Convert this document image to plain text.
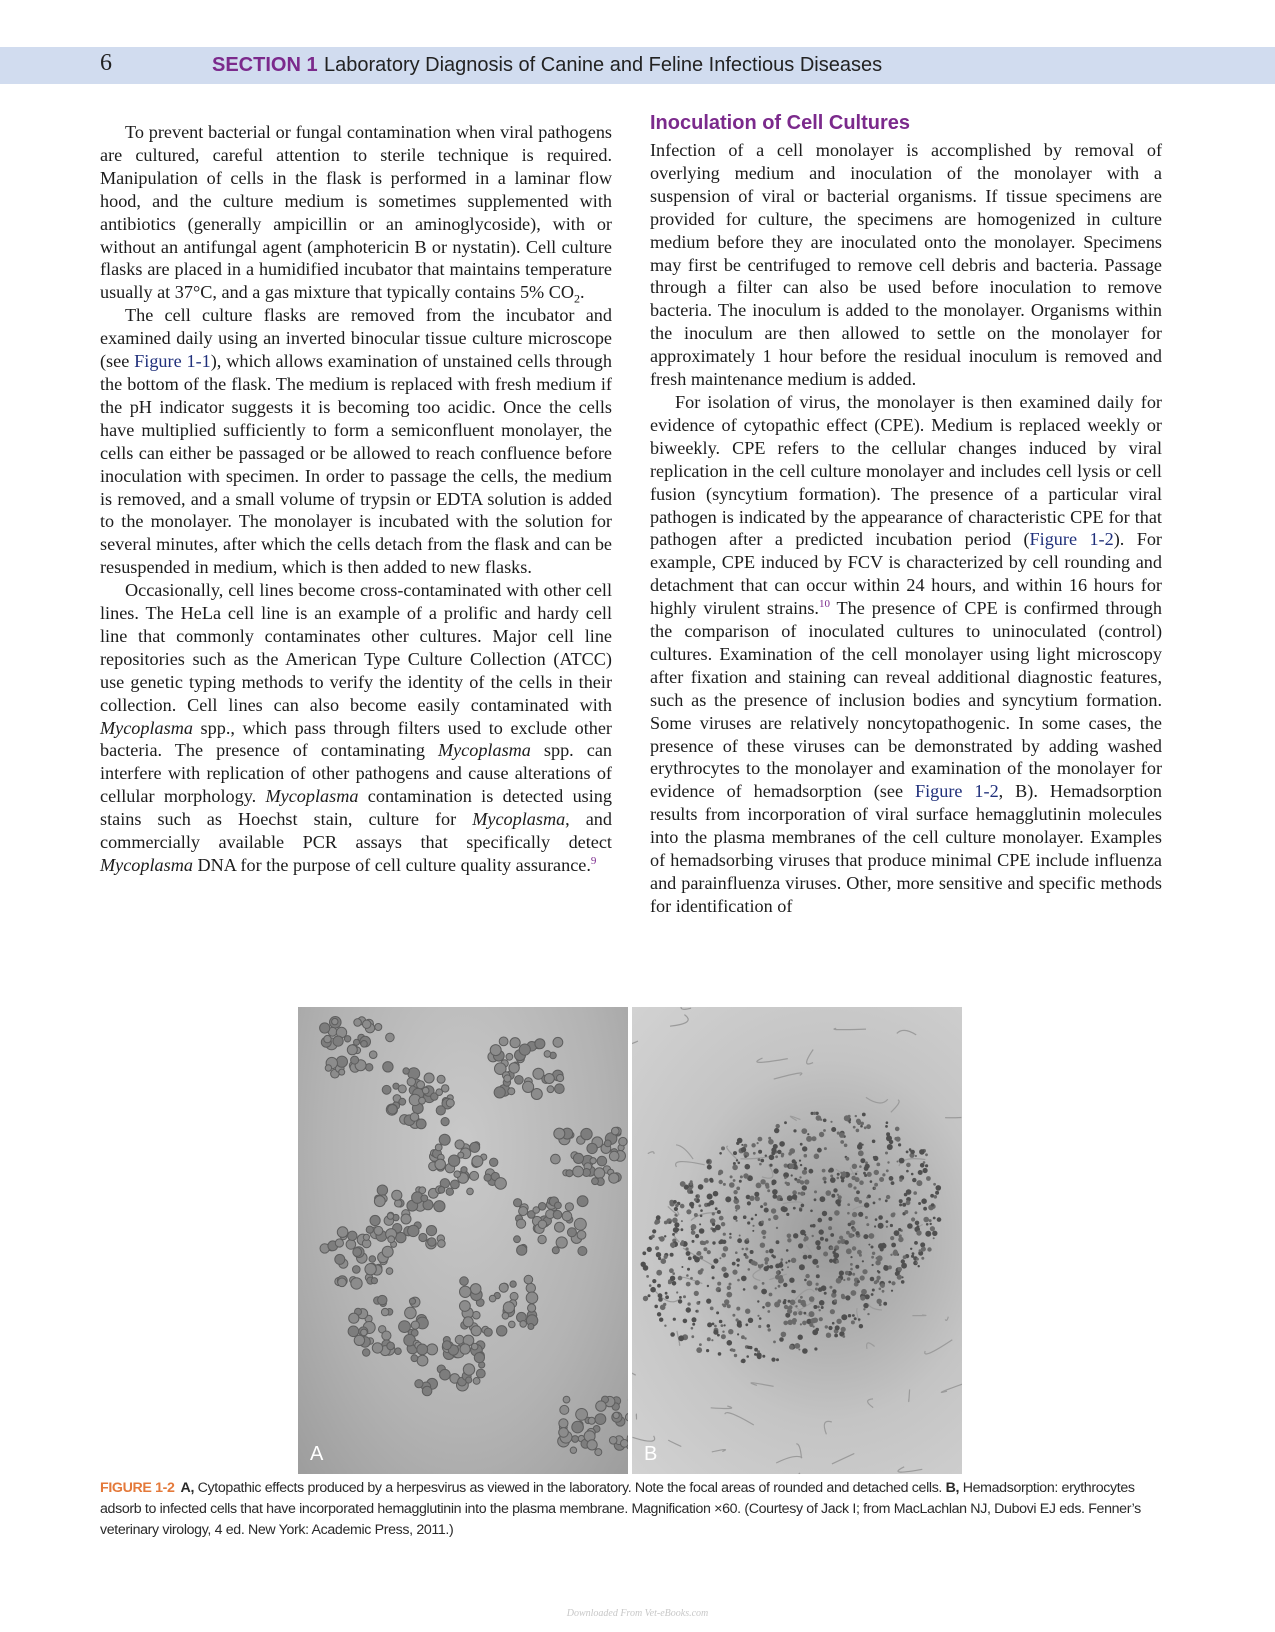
6	SECTION 1 Laboratory Diagnosis of Canine and Feline Infectious Diseases

To prevent bacterial or fungal contamination when viral pathogens are cultured, careful attention to sterile technique is required. Manipulation of cells in the flask is performed in a laminar flow hood, and the culture medium is sometimes supplemented with antibiotics (generally ampicillin or an aminoglycoside), with or without an antifungal agent (amphotericin B or nystatin). Cell culture flasks are placed in a humidified incubator that maintains temperature usually at 37°C, and a gas mixture that typically contains 5% $CO_2$.

The cell culture flasks are removed from the incubator and examined daily using an inverted binocular tissue culture microscope (see Figure 1-1), which allows examination of unstained cells through the bottom of the flask. The medium is replaced with fresh medium if the pH indicator suggests it is becoming too acidic. Once the cells have multiplied sufficiently to form a semiconfluent monolayer, the cells can either be passaged or be allowed to reach confluence before inoculation with specimen. In order to passage the cells, the medium is removed, and a small volume of trypsin or EDTA solution is added to the monolayer. The monolayer is incubated with the solution for several minutes, after which the cells detach from the flask and can be resuspended in medium, which is then added to new flasks.

Occasionally, cell lines become cross-contaminated with other cell lines. The HeLa cell line is an example of a prolific and hardy cell line that commonly contaminates other cultures. Major cell line repositories such as the American Type Culture Collection (ATCC) use genetic typing methods to verify the identity of the cells in their collection. Cell lines can also become easily contaminated with Mycoplasma spp., which pass through filters used to exclude other bacteria. The presence of contaminating Mycoplasma spp. can interfere with replication of other pathogens and cause alterations of cellular morphology. Mycoplasma contamination is detected using stains such as Hoechst stain, culture for Mycoplasma, and commercially available PCR assays that specifically detect Mycoplasma DNA for the purpose of cell culture quality assurance.$^9$

Inoculation of Cell Cultures

Infection of a cell monolayer is accomplished by removal of overlying medium and inoculation of the monolayer with a suspension of viral or bacterial organisms. If tissue specimens are provided for culture, the specimens are homogenized in culture medium before they are inoculated onto the monolayer. Specimens may first be centrifuged to remove cell debris and bacteria. Passage through a filter can also be used before inoculation to remove bacteria. The inoculum is added to the monolayer. Organisms within the inoculum are then allowed to settle on the monolayer for approximately 1 hour before the residual inoculum is removed and fresh maintenance medium is added.

For isolation of virus, the monolayer is then examined daily for evidence of cytopathic effect (CPE). Medium is replaced weekly or biweekly. CPE refers to the cellular changes induced by viral replication in the cell culture monolayer and includes cell lysis or cell fusion (syncytium formation). The presence of a particular viral pathogen is indicated by the appearance of characteristic CPE for that pathogen after a predicted incubation period (Figure 1-2). For example, CPE induced by FCV is characterized by cell rounding and detachment that can occur within 24 hours, and within 16 hours for highly virulent strains.$^{10}$ The presence of CPE is confirmed through the comparison of inoculated cultures to uninoculated (control) cultures. Examination of the cell monolayer using light microscopy after fixation and staining can reveal additional diagnostic features, such as the presence of inclusion bodies and syncytium formation. Some viruses are relatively noncytopathogenic. In some cases, the presence of these viruses can be demonstrated by adding washed erythrocytes to the monolayer and examination of the monolayer for evidence of hemadsorption (see Figure 1-2, B). Hemadsorption results from incorporation of viral surface hemagglutinin molecules into the plasma membranes of the cell culture monolayer. Examples of hemadsorbing viruses that produce minimal CPE include influenza and parainfluenza viruses. Other, more sensitive and specific methods for identification of

A	B
FIGURE 1-2 A, Cytopathic effects produced by a herpesvirus as viewed in the laboratory. Note the focal areas of rounded and detached cells. B, Hemadsorption: erythrocytes adsorb to infected cells that have incorporated hemagglutinin into the plasma membrane. Magnification ×60. (Courtesy of Jack I; from MacLachlan NJ, Dubovi EJ eds. Fenner’s veterinary virology, 4 ed. New York: Academic Press, 2011.)
Downloaded From Vet-eBooks.com
